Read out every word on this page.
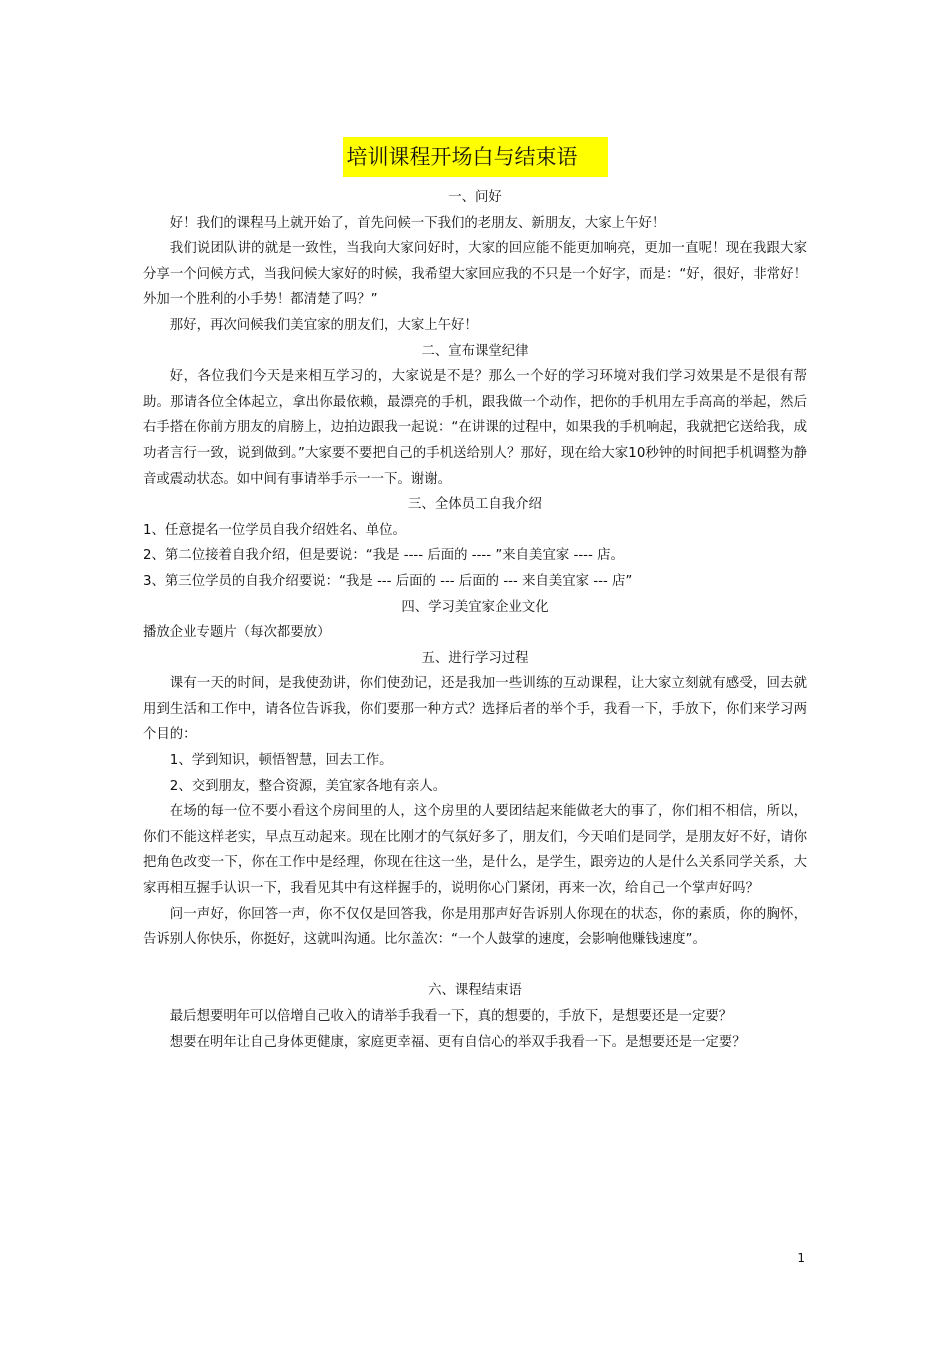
培训课程开场白与结束语
一、问好

好！我们的课程马上就开始了，首先问候一下我们的老朋友、新朋友，大家上午好！

我们说团队讲的就是一致性，当我向大家问好时，大家的回应能不能更加响亮，更加一直呢！现在我跟大家分享一个问候方式，当我问候大家好的时候，我希望大家回应我的不只是一个好字，而是：“好，很好，非常好！外加一个胜利的小手势！都清楚了吗？”

那好，再次问候我们美宜家的朋友们，大家上午好！

二、宣布课堂纪律

好，各位我们今天是来相互学习的，大家说是不是？那么一个好的学习环境对我们学习效果是不是很有帮助。那请各位全体起立，拿出你最依赖，最漂亮的手机，跟我做一个动作，把你的手机用左手高高的举起，然后右手搭在你前方朋友的肩膀上，边拍边跟我一起说：“在讲课的过程中，如果我的手机响起，我就把它送给我，成功者言行一致，说到做到。”大家要不要把自己的手机送给别人？那好，现在给大家10秒钟的时间把手机调整为静音或震动状态。如中间有事请举手示一一下。谢谢。

三、全体员工自我介绍

1、任意提名一位学员自我介绍姓名、单位。

2、第二位接着自我介绍，但是要说：“我是 ---- 后面的 ---- ”来自美宜家 ---- 店。

3、第三位学员的自我介绍要说：“我是 --- 后面的 --- 后面的 --- 来自美宜家 --- 店”

四、学习美宜家企业文化

播放企业专题片（每次都要放）

五、进行学习过程

课有一天的时间，是我使劲讲，你们使劲记，还是我加一些训练的互动课程，让大家立刻就有感受，回去就用到生活和工作中，请各位告诉我，你们要那一种方式？选择后者的举个手，我看一下，手放下，你们来学习两个目的：

1、学到知识，顿悟智慧，回去工作。

2、交到朋友，整合资源，美宜家各地有亲人。

在场的每一位不要小看这个房间里的人，这个房里的人要团结起来能做老大的事了，你们相不相信，所以，你们不能这样老实，早点互动起来。现在比刚才的气氛好多了，朋友们，今天咱们是同学，是朋友好不好，请你把角色改变一下，你在工作中是经理，你现在往这一坐，是什么，是学生，跟旁边的人是什么关系同学关系，大家再相互握手认识一下，我看见其中有这样握手的，说明你心门紧闭，再来一次，给自己一个掌声好吗？

问一声好，你回答一声，你不仅仅是回答我，你是用那声好告诉别人你现在的状态，你的素质，你的胸怀，告诉别人你快乐，你挺好，这就叫沟通。比尔盖次：“一个人鼓掌的速度，会影响他赚钱速度”。

六、课程结束语

最后想要明年可以倍增自己收入的请举手我看一下，真的想要的，手放下，是想要还是一定要？

想要在明年让自己身体更健康，家庭更幸福、更有自信心的举双手我看一下。是想要还是一定要？

1
